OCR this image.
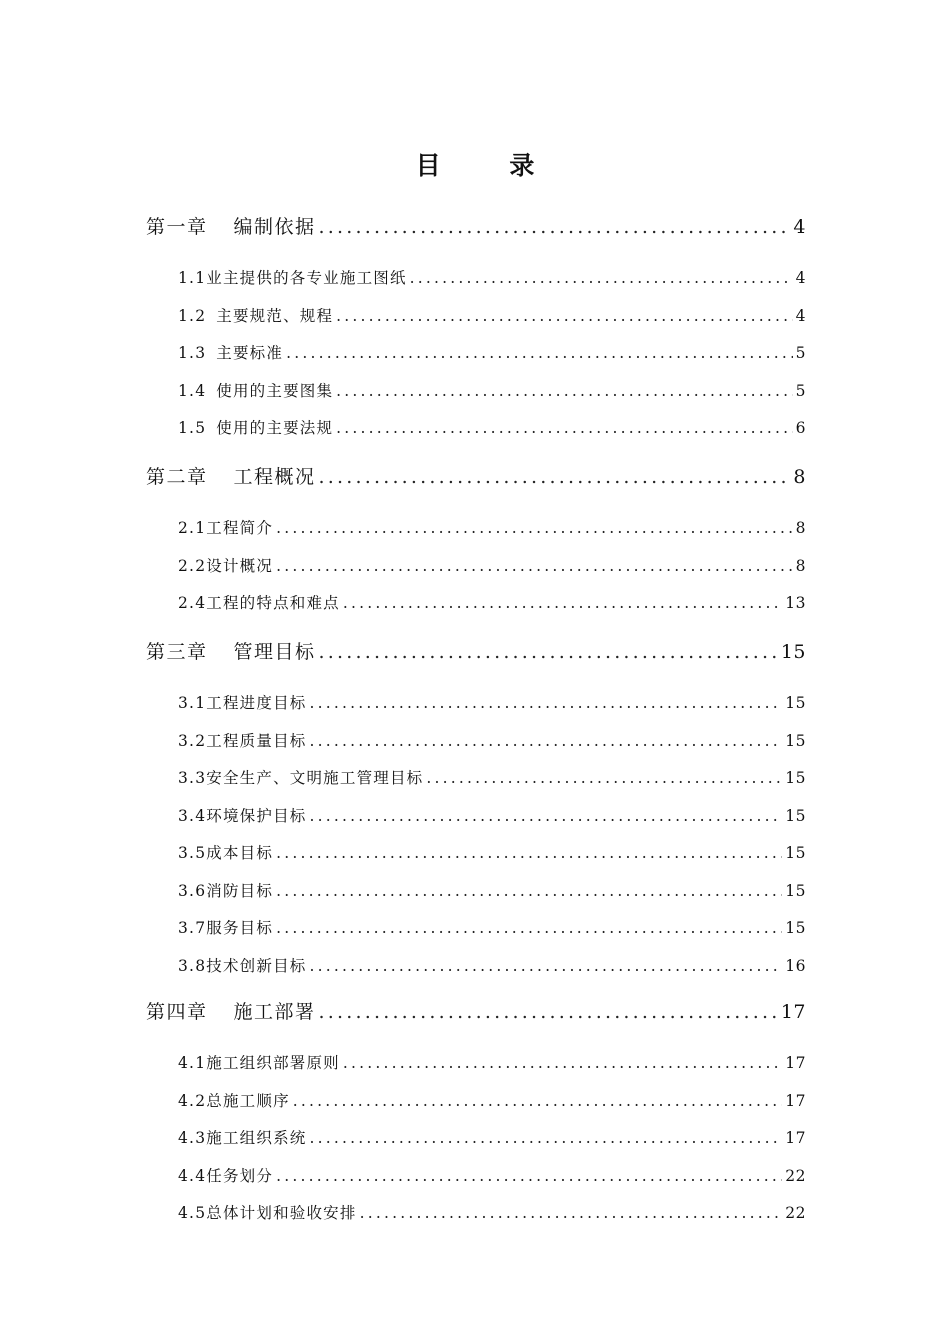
目 录
第一章 编制依据 .....	4
1.1 业主提供的各专业施工图纸 .....	4
1.2 主要规范、规程 .....	4
1.3 主要标准 .....	5
1.4 使用的主要图集 .....	5
1.5 使用的主要法规 .....	6
第二章 工程概况 .....	8
2.1 工程简介 .....	8
2.2 设计概况 .....	8
2.4 工程的特点和难点 .....	13
第三章 管理目标 .....	15
3.1 工程进度目标 .....	15
3.2 工程质量目标 .....	15
3.3 安全生产、文明施工管理目标 .....	15
3.4 环境保护目标 .....	15
3.5 成本目标 .....	15
3.6 消防目标 .....	15
3.7 服务目标 .....	15
3.8 技术创新目标 .....	16
第四章 施工部署 .....	17
4.1 施工组织部署原则 .....	17
4.2 总施工顺序 .....	17
4.3 施工组织系统 .....	17
4.4 任务划分 .....	22
4.5 总体计划和验收安排 .....	22
